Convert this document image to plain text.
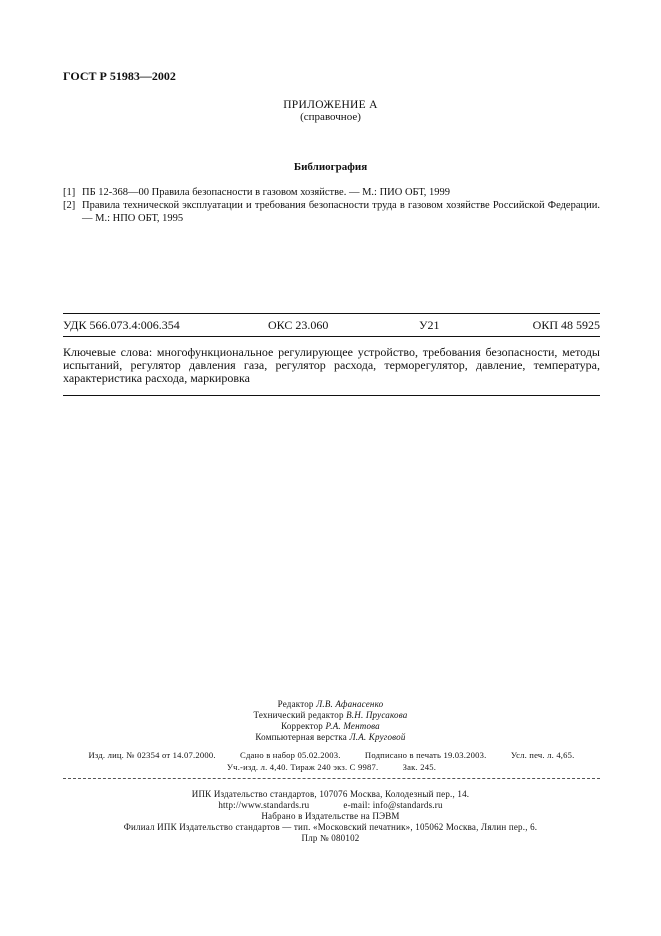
ГОСТ Р 51983—2002
ПРИЛОЖЕНИЕ А
(справочное)
Библиография
[1] ПБ 12-368—00 Правила безопасности в газовом хозяйстве. — М.: ПИО ОБТ, 1999
[2] Правила технической эксплуатации и требования безопасности труда в газовом хозяйстве Российской Федерации. — М.: НПО ОБТ, 1995
УДК 566.073.4:006.354	ОКС 23.060	У21	ОКП 48 5925
Ключевые слова: многофункциональное регулирующее устройство, требования безопасности, методы испытаний, регулятор давления газа, регулятор расхода, терморегулятор, давление, температура, характеристика расхода, маркировка
Редактор Л.В. Афанасенко
Технический редактор В.Н. Прусакова
Корректор Р.А. Ментова
Компьютерная верстка Л.А. Круговой
Изд. лиц. № 02354 от 14.07.2000.	Сдано в набор 05.02.2003.	Подписано в печать 19.03.2003.	Усл. печ. л. 4,65.
Уч.-изд. л. 4,40. Тираж 240 экз. С 9987.	Зак. 245.
ИПК Издательство стандартов, 107076 Москва, Колодезный пер., 14.
http://www.standards.ru	e-mail: info@standards.ru
Набрано в Издательстве на ПЭВМ
Филиал ИПК Издательство стандартов — тип. «Московский печатник», 105062 Москва, Лялин пер., 6.
Плр № 080102
